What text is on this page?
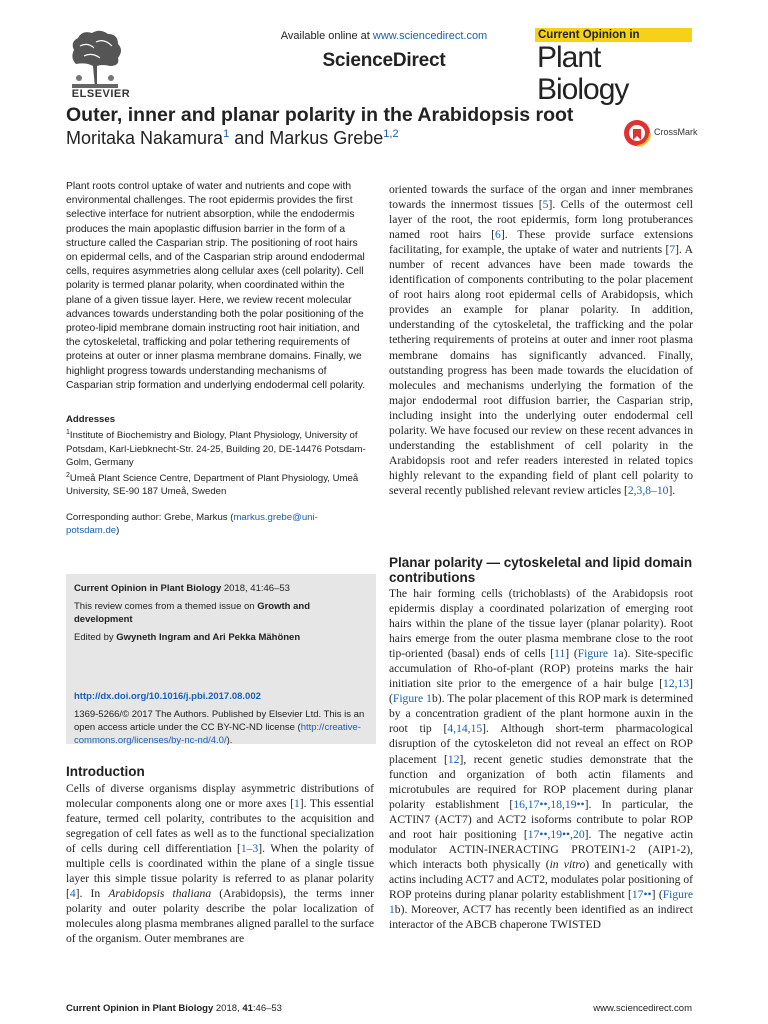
ELSEVIER
Available online at www.sciencedirect.com
ScienceDirect
Current Opinion in
Plant Biology
Outer, inner and planar polarity in the Arabidopsis root
Moritaka Nakamura$^1$ and Markus Grebe$^{1,2}$	CrossMark

Plant roots control uptake of water and nutrients and cope with environmental challenges. The root epidermis provides the first selective interface for nutrient absorption, while the endodermis produces the main apoplastic diffusion barrier in the form of a structure called the Casparian strip. The positioning of root hairs on epidermal cells, and of the Casparian strip around endodermal cells, requires asymmetries along cellular axes (cell polarity). Cell polarity is termed planar polarity, when coordinated within the plane of a given tissue layer. Here, we review recent molecular advances towards understanding both the polar positioning of the proteo-lipid membrane domain instructing root hair initiation, and the cytoskeletal, trafficking and polar tethering requirements of proteins at outer or inner plasma membrane domains. Finally, we highlight progress towards understanding mechanisms of Casparian strip formation and underlying endodermal cell polarity.

Addresses
$^1$Institute of Biochemistry and Biology, Plant Physiology, University of Potsdam, Karl-Liebknecht-Str. 24-25, Building 20, DE-14476 Potsdam-Golm, Germany
$^2$Umeå Plant Science Centre, Department of Plant Physiology, Umeå University, SE-90 187 Umeå, Sweden
Corresponding author: Grebe, Markus (markus.grebe@uni-potsdam.de)

Current Opinion in Plant Biology 2018, 41:46–53

This review comes from a themed issue on Growth and development

Edited by Gwyneth Ingram and Ari Pekka Mähönen

http://dx.doi.org/10.1016/j.pbi.2017.08.002

1369-5266/© 2017 The Authors. Published by Elsevier Ltd. This is an open access article under the CC BY-NC-ND license (http://creative-commons.org/licenses/by-nc-nd/4.0/).

Introduction

Cells of diverse organisms display asymmetric distributions of molecular components along one or more axes [1]. This essential feature, termed cell polarity, contributes to the acquisition and segregation of cell fates as well as to the functional specialization of cells during cell differentiation [1–3]. When the polarity of multiple cells is coordinated within the plane of a single tissue layer this simple tissue polarity is referred to as planar polarity [4]. In Arabidopsis thaliana (Arabidopsis), the terms inner polarity and outer polarity describe the polar localization of molecules along plasma membranes aligned parallel to the surface of the organism. Outer membranes are

oriented towards the surface of the organ and inner membranes towards the innermost tissues [5]. Cells of the outermost cell layer of the root, the root epidermis, form long protuberances named root hairs [6]. These provide surface extensions facilitating, for example, the uptake of water and nutrients [7]. A number of recent advances have been made towards the identification of components contributing to the polar placement of root hairs along root epidermal cells of Arabidopsis, which provides an example for planar polarity. In addition, understanding of the cytoskeletal, the trafficking and the polar tethering requirements of proteins at outer and inner root plasma membrane domains has significantly advanced. Finally, outstanding progress has been made towards the elucidation of molecules and mechanisms underlying the formation of the major endodermal root diffusion barrier, the Casparian strip, including insight into the underlying outer endodermal cell polarity. We have focused our review on these recent advances in understanding the establishment of cell polarity in the Arabidopsis root and refer readers interested in related topics highly relevant to the expanding field of plant cell polarity to several recently published relevant review articles [2,3,8–10].

Planar polarity — cytoskeletal and lipid domain contributions

The hair forming cells (trichoblasts) of the Arabidopsis root epidermis display a coordinated polarization of emerging root hairs within the plane of the tissue layer (planar polarity). Root hairs emerge from the outer plasma membrane close to the root tip-oriented (basal) ends of cells [11] (Figure 1a). Site-specific accumulation of Rho-of-plant (ROP) proteins marks the hair initiation site prior to the emergence of a hair bulge [12,13] (Figure 1b). The polar placement of this ROP mark is determined by a concentration gradient of the plant hormone auxin in the root tip [4,14,15]. Although short-term pharmacological disruption of the cytoskeleton did not reveal an effect on ROP placement [12], recent genetic studies demonstrate that the function and organization of both actin filaments and microtubules are required for ROP placement during planar polarity establishment [16,17••,18,19••]. In particular, the ACTIN7 (ACT7) and ACT2 isoforms contribute to polar ROP and root hair positioning [17••,19••,20]. The negative actin modulator ACTIN-INERACTING PROTEIN1-2 (AIP1-2), which interacts both physically (in vitro) and genetically with actins including ACT7 and ACT2, modulates polar positioning of ROP proteins during planar polarity establishment [17••] (Figure 1b). Moreover, ACT7 has recently been identified as an indirect interactor of the ABCB chaperone TWISTED

Current Opinion in Plant Biology 2018, 41:46–53	www.sciencedirect.com
